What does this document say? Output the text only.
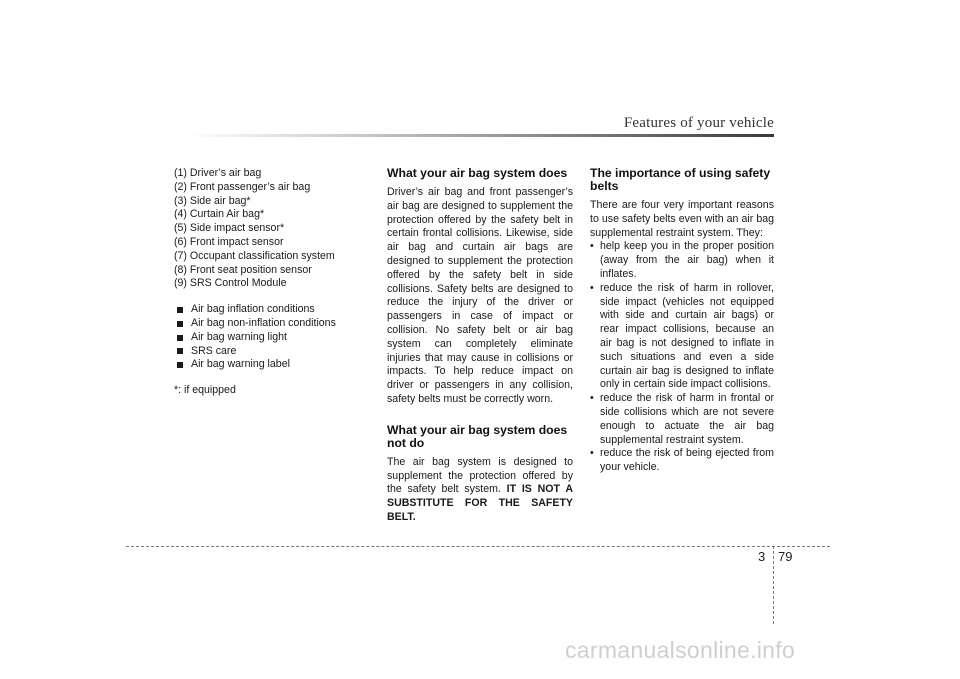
Features of your vehicle
(1) Driver’s air bag
(2) Front passenger’s air bag
(3) Side air bag*
(4) Curtain Air bag*
(5) Side impact sensor*
(6) Front impact sensor
(7) Occupant classification system
(8) Front seat position sensor
(9) SRS Control Module
Air bag inflation conditions
Air bag non-inflation conditions
Air bag warning light
SRS care
Air bag warning label
*: if equipped
What your air bag system does

Driver’s air bag and front passenger’s air bag are designed to supplement the protection offered by the safety belt in certain frontal collisions. Likewise, side air bag and curtain air bags are designed to supplement the protection offered by the safety belt in side collisions. Safety belts are designed to reduce the injury of the driver or passengers in case of impact or collision. No safety belt or air bag system can completely eliminate injuries that may cause in collisions or impacts. To help reduce impact on driver or passengers in any collision, safety belts must be correctly worn.

What your air bag system does not do

The air bag system is designed to supplement the protection offered by the safety belt system. IT IS NOT A SUBSTITUTE FOR THE SAFETY BELT.

The importance of using safety belts

There are four very important reasons to use safety belts even with an air bag supplemental restraint system. They:

• help keep you in the proper position (away from the air bag) when it inflates.
• reduce the risk of harm in rollover, side impact (vehicles not equipped with side and curtain air bags) or rear impact collisions, because an air bag is not designed to inflate in such situations and even a side curtain air bag is designed to inflate only in certain side impact collisions.
• reduce the risk of harm in frontal or side collisions which are not severe enough to actuate the air bag supplemental restraint system.
• reduce the risk of being ejected from your vehicle.
3 79
carmanualsonline.info
